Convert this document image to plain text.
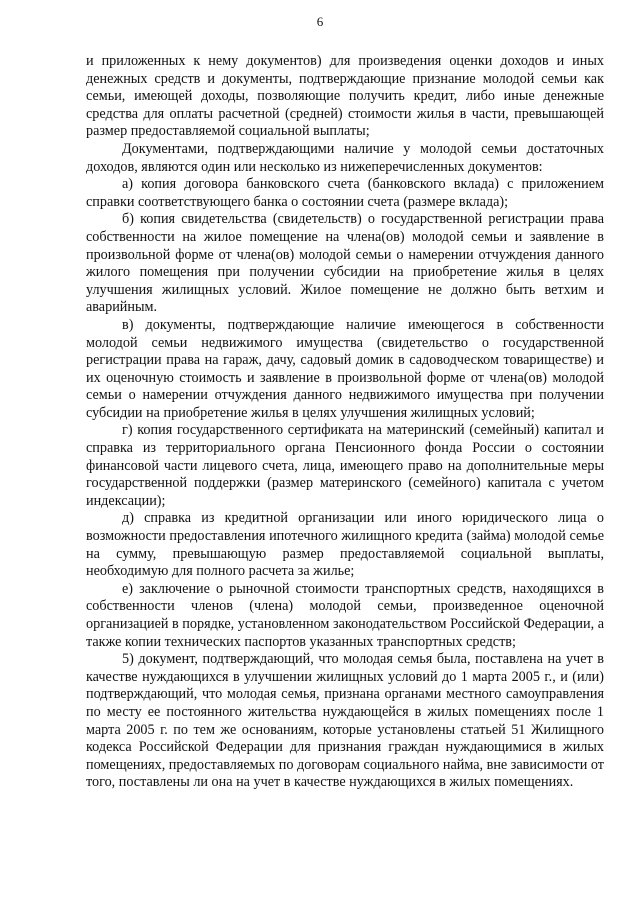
6

и приложенных к нему документов) для произведения оценки доходов и иных денежных средств и документы, подтверждающие признание молодой семьи как семьи, имеющей доходы, позволяющие получить кредит, либо иные денежные средства для оплаты расчетной (средней) стоимости жилья в части, превышающей размер предоставляемой социальной выплаты;

Документами, подтверждающими наличие у молодой семьи достаточных доходов, являются один или несколько из нижеперечисленных документов:

а) копия договора банковского счета (банковского вклада) с приложением справки соответствующего банка о состоянии счета (размере вклада);

б) копия свидетельства (свидетельств) о государственной регистрации права собственности на жилое помещение на члена(ов) молодой семьи и заявление в произвольной форме от члена(ов) молодой семьи о намерении отчуждения данного жилого помещения при получении субсидии на приобретение жилья в целях улучшения жилищных условий. Жилое помещение не должно быть ветхим и аварийным.

в) документы, подтверждающие наличие имеющегося в собственности молодой семьи недвижимого имущества (свидетельство о государственной регистрации права на гараж, дачу, садовый домик в садоводческом товариществе) и их оценочную стоимость и заявление в произвольной форме от члена(ов) молодой семьи о намерении отчуждения данного недвижимого имущества при получении субсидии на приобретение жилья в целях улучшения жилищных условий;

г) копия государственного сертификата на материнский (семейный) капитал и справка из территориального органа Пенсионного фонда России о состоянии финансовой части лицевого счета, лица, имеющего право на дополнительные меры государственной поддержки (размер материнского (семейного) капитала с учетом индексации);

д) справка из кредитной организации или иного юридического лица о возможности предоставления ипотечного жилищного кредита (займа) молодой семье на сумму, превышающую размер предоставляемой социальной выплаты, необходимую для полного расчета за жилье;

е) заключение о рыночной стоимости транспортных средств, находящихся в собственности членов (члена) молодой семьи, произведенное оценочной организацией в порядке, установленном законодательством Российской Федерации, а также копии технических паспортов указанных транспортных средств;

5) документ, подтверждающий, что молодая семья была, поставлена на учет в качестве нуждающихся в улучшении жилищных условий до 1 марта 2005 г., и (или) подтверждающий, что молодая семья, признана органами местного самоуправления по месту ее постоянного жительства нуждающейся в жилых помещениях после 1 марта 2005 г. по тем же основаниям, которые установлены статьей 51 Жилищного кодекса Российской Федерации для признания граждан нуждающимися в жилых помещениях, предоставляемых по договорам социального найма, вне зависимости от того, поставлены ли она на учет в качестве нуждающихся в жилых помещениях.
